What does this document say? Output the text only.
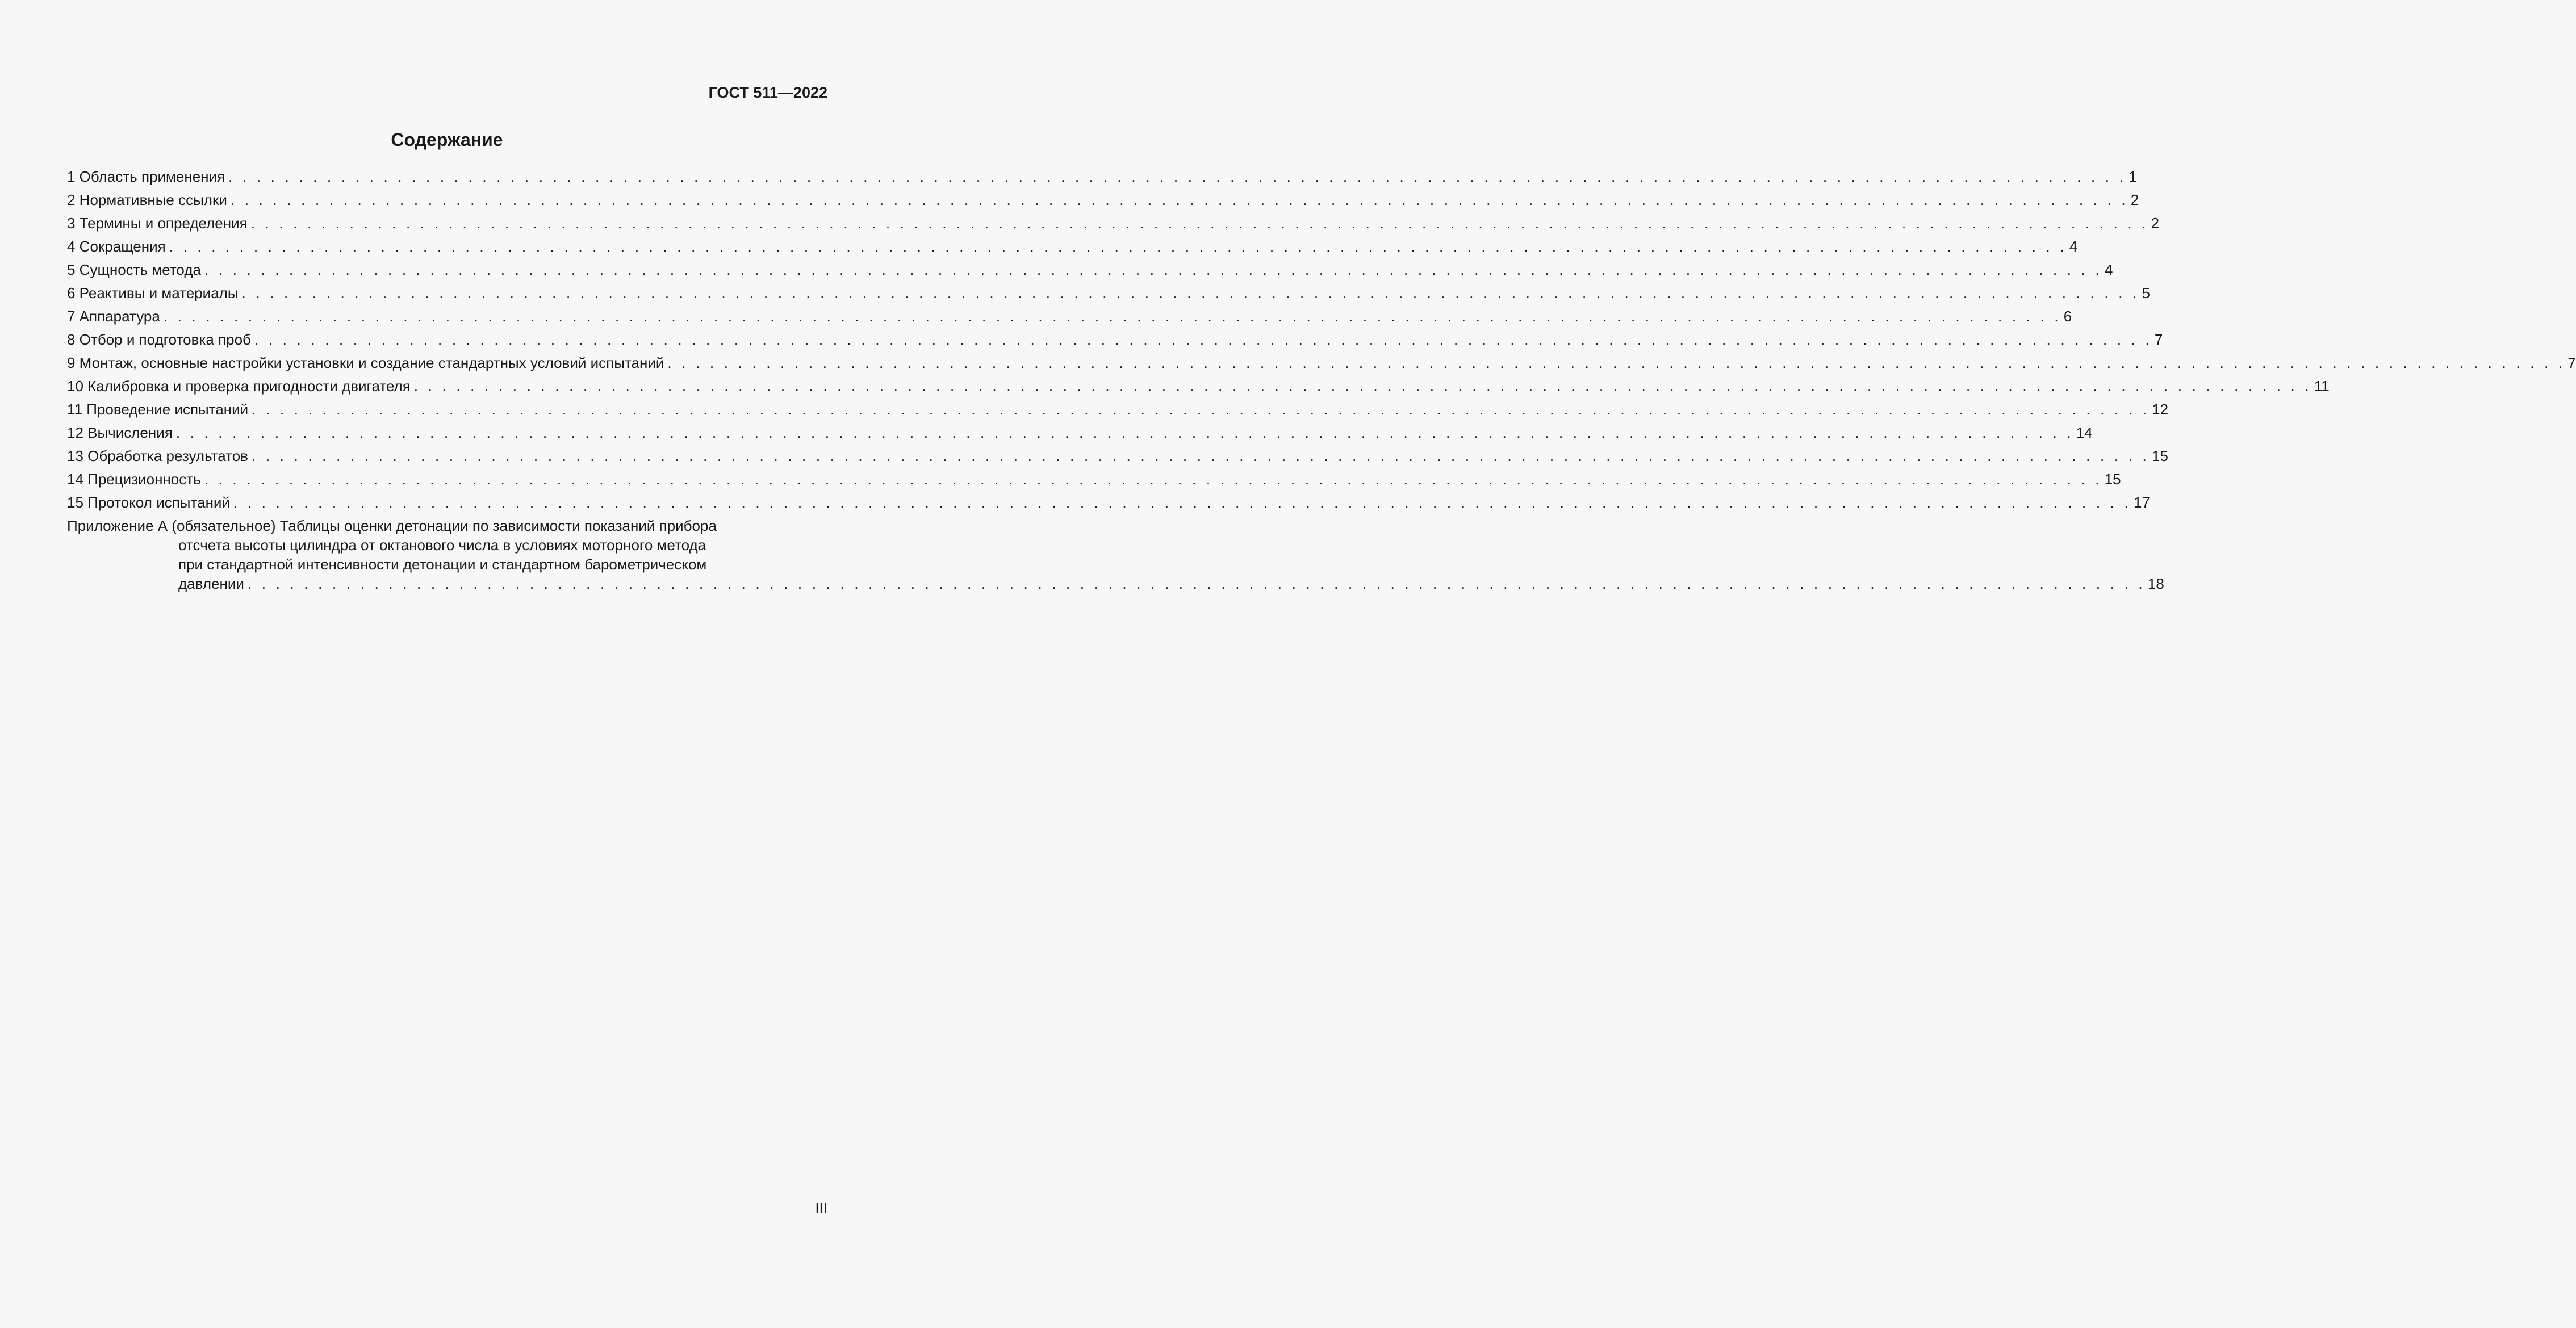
ГОСТ 511—2022
Содержание
1 Область применения . . . . . . . . . . . . . . . . . . . . . . . . . . . . . . . . . . . . . . . . . . . . . . . . . . . . . . . . . . . . . . . . . . . . . . . . . . . . . . . . . . . . . . . . . . . . . . . . . . . . . . . . . . . . . . . . . . . . . . . . . . . . . . . . . . . . . . . 1
2 Нормативные ссылки . . . . . . . . . . . . . . . . . . . . . . . . . . . . . . . . . . . . . . . . . . . . . . . . . . . . . . . . . . . . . . . . . . . . . . . . . . . . . . . . . . . . . . . . . . . . . . . . . . . . . . . . . . . . . . . . . . . . . . . . . . . . . . . . . . . . . . . 2
3 Термины и определения . . . . . . . . . . . . . . . . . . . . . . . . . . . . . . . . . . . . . . . . . . . . . . . . . . . . . . . . . . . . . . . . . . . . . . . . . . . . . . . . . . . . . . . . . . . . . . . . . . . . . . . . . . . . . . . . . . . . . . . . . . . . . . . . . . . . . . . 2
4 Сокращения . . . . . . . . . . . . . . . . . . . . . . . . . . . . . . . . . . . . . . . . . . . . . . . . . . . . . . . . . . . . . . . . . . . . . . . . . . . . . . . . . . . . . . . . . . . . . . . . . . . . . . . . . . . . . . . . . . . . . . . . . . . . . . . . . . . . . . . 4
5 Сущность метода . . . . . . . . . . . . . . . . . . . . . . . . . . . . . . . . . . . . . . . . . . . . . . . . . . . . . . . . . . . . . . . . . . . . . . . . . . . . . . . . . . . . . . . . . . . . . . . . . . . . . . . . . . . . . . . . . . . . . . . . . . . . . . . . . . . . . . . 4
6 Реактивы и материалы . . . . . . . . . . . . . . . . . . . . . . . . . . . . . . . . . . . . . . . . . . . . . . . . . . . . . . . . . . . . . . . . . . . . . . . . . . . . . . . . . . . . . . . . . . . . . . . . . . . . . . . . . . . . . . . . . . . . . . . . . . . . . . . . . . . . . . . 5
7 Аппаратура . . . . . . . . . . . . . . . . . . . . . . . . . . . . . . . . . . . . . . . . . . . . . . . . . . . . . . . . . . . . . . . . . . . . . . . . . . . . . . . . . . . . . . . . . . . . . . . . . . . . . . . . . . . . . . . . . . . . . . . . . . . . . . . . . . . . . . . 6
8 Отбор и подготовка проб . . . . . . . . . . . . . . . . . . . . . . . . . . . . . . . . . . . . . . . . . . . . . . . . . . . . . . . . . . . . . . . . . . . . . . . . . . . . . . . . . . . . . . . . . . . . . . . . . . . . . . . . . . . . . . . . . . . . . . . . . . . . . . . . . . . . . . . 7
9 Монтаж, основные настройки установки и создание стандартных условий испытаний . . . . . . . . . . . . . . . . . . . . . . . . . . . . . . . . . . . . . . . . . . . . . . . . . . . . . . . . . . . . . . . . . . . . . . . . . . . . . . . . . . . . . . . . . . . . . . . . . . . . . . . . . . . . . . . . . . . . . . . . . . . . . . . . . . . . . . . 7
10 Калибровка и проверка пригодности двигателя . . . . . . . . . . . . . . . . . . . . . . . . . . . . . . . . . . . . . . . . . . . . . . . . . . . . . . . . . . . . . . . . . . . . . . . . . . . . . . . . . . . . . . . . . . . . . . . . . . . . . . . . . . . . . . . . . . . . . . . . . . . . . . . . . . . . . . . 11
11 Проведение испытаний . . . . . . . . . . . . . . . . . . . . . . . . . . . . . . . . . . . . . . . . . . . . . . . . . . . . . . . . . . . . . . . . . . . . . . . . . . . . . . . . . . . . . . . . . . . . . . . . . . . . . . . . . . . . . . . . . . . . . . . . . . . . . . . . . . . . . . . 12
12 Вычисления . . . . . . . . . . . . . . . . . . . . . . . . . . . . . . . . . . . . . . . . . . . . . . . . . . . . . . . . . . . . . . . . . . . . . . . . . . . . . . . . . . . . . . . . . . . . . . . . . . . . . . . . . . . . . . . . . . . . . . . . . . . . . . . . . . . . . . . 14
13 Обработка результатов . . . . . . . . . . . . . . . . . . . . . . . . . . . . . . . . . . . . . . . . . . . . . . . . . . . . . . . . . . . . . . . . . . . . . . . . . . . . . . . . . . . . . . . . . . . . . . . . . . . . . . . . . . . . . . . . . . . . . . . . . . . . . . . . . . . . . . . 15
14 Прецизионность . . . . . . . . . . . . . . . . . . . . . . . . . . . . . . . . . . . . . . . . . . . . . . . . . . . . . . . . . . . . . . . . . . . . . . . . . . . . . . . . . . . . . . . . . . . . . . . . . . . . . . . . . . . . . . . . . . . . . . . . . . . . . . . . . . . . . . . 15
15 Протокол испытаний . . . . . . . . . . . . . . . . . . . . . . . . . . . . . . . . . . . . . . . . . . . . . . . . . . . . . . . . . . . . . . . . . . . . . . . . . . . . . . . . . . . . . . . . . . . . . . . . . . . . . . . . . . . . . . . . . . . . . . . . . . . . . . . . . . . . . . . 17
Приложение А (обязательное) Таблицы оценки детонации по зависимости показаний прибора
отсчета высоты цилиндра от октанового числа в условиях моторного метода
при стандартной интенсивности детонации и стандартном барометрическом
давлении . . . . . . . . . . . . . . . . . . . . . . . . . . . . . . . . . . . . . . . . . . . . . . . . . . . . . . . . . . . . . . . . . . . . . . . . . . . . . . . . . . . . . . . . . . . . . . . . . . . . . . . . . . . . . . . . . . . . . . . . . . . . . . . . . . . . . . . 18
III
